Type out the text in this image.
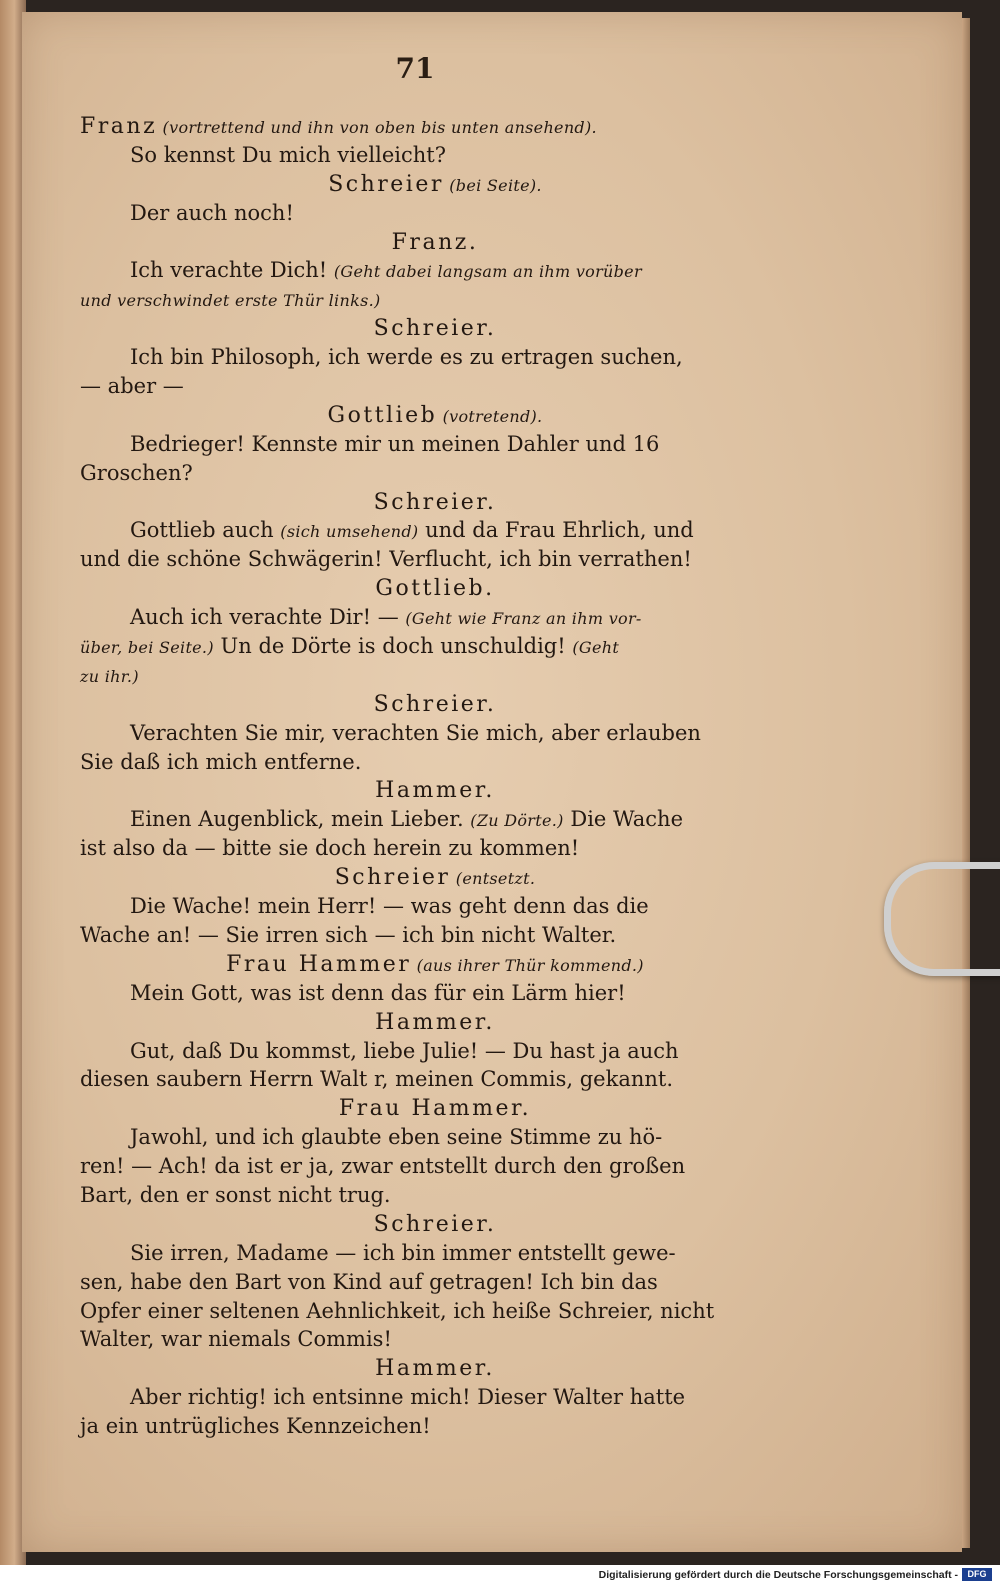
71
Franz (vortrettend und ihn von oben bis unten ansehend).
So kennst Du mich vielleicht?
Schreier (bei Seite).
Der auch noch!
Franz.
Ich verachte Dich! (Geht dabei langsam an ihm vorüber
und verschwindet erste Thür links.)
Schreier.
Ich bin Philosoph, ich werde es zu ertragen suchen,
— aber —
Gottlieb (votretend).
Bedrieger! Kennste mir un meinen Dahler und 16
Groschen?
Schreier.
Gottlieb auch (sich umsehend) und da Frau Ehrlich, und
und die schöne Schwägerin! Verflucht, ich bin verrathen!
Gottlieb.
Auch ich verachte Dir! — (Geht wie Franz an ihm vor-
über, bei Seite.) Un de Dörte is doch unschuldig! (Geht
zu ihr.)
Schreier.
Verachten Sie mir, verachten Sie mich, aber erlauben
Sie daß ich mich entferne.
Hammer.
Einen Augenblick, mein Lieber. (Zu Dörte.) Die Wache
ist also da — bitte sie doch herein zu kommen!
Schreier (entsetzt.
Die Wache! mein Herr! — was geht denn das die
Wache an! — Sie irren sich — ich bin nicht Walter.
Frau Hammer (aus ihrer Thür kommend.)
Mein Gott, was ist denn das für ein Lärm hier!
Hammer.
Gut, daß Du kommst, liebe Julie! — Du hast ja auch
diesen saubern Herrn Walt r, meinen Commis, gekannt.
Frau Hammer.
Jawohl, und ich glaubte eben seine Stimme zu hö-
ren! — Ach! da ist er ja, zwar entstellt durch den großen
Bart, den er sonst nicht trug.
Schreier.
Sie irren, Madame — ich bin immer entstellt gewe-
sen, habe den Bart von Kind auf getragen! Ich bin das
Opfer einer seltenen Aehnlichkeit, ich heiße Schreier, nicht
Walter, war niemals Commis!
Hammer.
Aber richtig! ich entsinne mich! Dieser Walter hatte
ja ein untrügliches Kennzeichen!
Digitalisierung gefördert durch die Deutsche Forschungsgemeinschaft -	DFG
